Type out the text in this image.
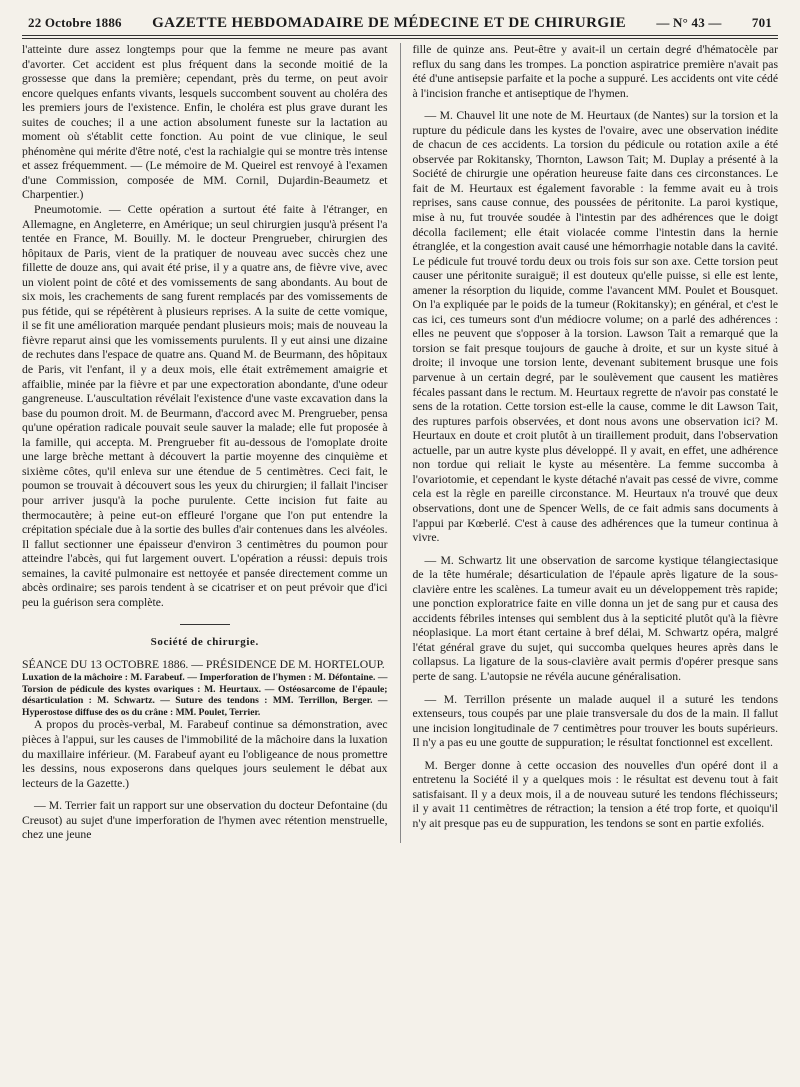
22 Octobre 1886 GAZETTE HEBDOMADAIRE DE MÉDECINE ET DE CHIRURGIE — N° 43 — 701

l'atteinte dure assez longtemps pour que la femme ne meure pas avant d'avorter. Cet accident est plus fréquent dans la seconde moitié de la grossesse que dans la première; cependant, près du terme, on peut avoir encore quelques enfants vivants, lesquels succombent souvent au choléra des les premiers jours de l'existence. Enfin, le choléra est plus grave durant les suites de couches; il a une action absolument funeste sur la lactation au moment où s'établit cette fonction. Au point de vue clinique, le seul phénomène qui mérite d'être noté, c'est la rachialgie qui se montre très intense et assez fréquemment. — (Le mémoire de M. Queirel est renvoyé à l'examen d'une Commission, composée de MM. Cornil, Dujardin-Beaumetz et Charpentier.)

Pneumotomie. — Cette opération a surtout été faite à l'étranger, en Allemagne, en Angleterre, en Amérique; un seul chirurgien jusqu'à présent l'a tentée en France, M. Bouilly. M. le docteur Prengrueber, chirurgien des hôpitaux de Paris, vient de la pratiquer de nouveau avec succès chez une fillette de douze ans, qui avait été prise, il y a quatre ans, de fièvre vive, avec un violent point de côté et des vomissements de sang abondants. Au bout de six mois, les crachements de sang furent remplacés par des vomissements de pus fétide, qui se répétèrent à plusieurs reprises. A la suite de cette vomique, il se fit une amélioration marquée pendant plusieurs mois; mais de nouveau la fièvre reparut ainsi que les vomissements purulents. Il y eut ainsi une dizaine de rechutes dans l'espace de quatre ans. Quand M. de Beurmann, des hôpitaux de Paris, vit l'enfant, il y a deux mois, elle était extrêmement amaigrie et affaiblie, minée par la fièvre et par une expectoration abondante, d'une odeur gangreneuse. L'auscultation révélait l'existence d'une vaste excavation dans la base du poumon droit. M. de Beurmann, d'accord avec M. Prengrueber, pensa qu'une opération radicale pouvait seule sauver la malade; elle fut proposée à la famille, qui accepta. M. Prengrueber fit au-dessous de l'omoplate droite une large brèche mettant à découvert la partie moyenne des cinquième et sixième côtes, qu'il enleva sur une étendue de 5 centimètres. Ceci fait, le poumon se trouvait à découvert sous les yeux du chirurgien; il fallait l'inciser pour arriver jusqu'à la poche purulente. Cette incision fut faite au thermocautère; à peine eut-on effleuré l'organe que l'on put entendre la crépitation spéciale due à la sortie des bulles d'air contenues dans les alvéoles. Il fallut sectionner une épaisseur d'environ 3 centimètres du poumon pour atteindre l'abcès, qui fut largement ouvert. L'opération a réussi: depuis trois semaines, la cavité pulmonaire est nettoyée et pansée directement comme un abcès ordinaire; ses parois tendent à se cicatriser et on peut prévoir que d'ici peu la guérison sera complète.

Société de chirurgie.

SÉANCE DU 13 OCTOBRE 1886. — PRÉSIDENCE DE M. HORTELOUP.

Luxation de la mâchoire : M. Farabeuf. — Imperforation de l'hymen : M. Défontaine. — Torsion de pédicule des kystes ovariques : M. Heurtaux. — Ostéosarcome de l'épaule; désarticulation : M. Schwartz. — Suture des tendons : MM. Terrillon, Berger. — Hyperostose diffuse des os du crâne : MM. Poulet, Terrier.

A propos du procès-verbal, M. Farabeuf continue sa démonstration, avec pièces à l'appui, sur les causes de l'immobilité de la mâchoire dans la luxation du maxillaire inférieur. (M. Farabeuf ayant eu l'obligeance de nous promettre les dessins, nous exposerons dans quelques jours seulement le débat aux lecteurs de la Gazette.)

— M. Terrier fait un rapport sur une observation du docteur Defontaine (du Creusot) au sujet d'une imperforation de l'hymen avec rétention menstruelle, chez une jeune

fille de quinze ans. Peut-être y avait-il un certain degré d'hématocèle par reflux du sang dans les trompes. La ponction aspiratrice première n'avait pas été d'une antisepsie parfaite et la poche a suppuré. Les accidents ont vite cédé à l'incision franche et antiseptique de l'hymen.

— M. Chauvel lit une note de M. Heurtaux (de Nantes) sur la torsion et la rupture du pédicule dans les kystes de l'ovaire, avec une observation inédite de chacun de ces accidents. La torsion du pédicule ou rotation axile a été observée par Rokitansky, Thornton, Lawson Tait; M. Duplay a présenté à la Société de chirurgie une opération heureuse faite dans ces circonstances. Le fait de M. Heurtaux est également favorable : la femme avait eu à trois reprises, sans cause connue, des poussées de péritonite. La paroi kystique, mise à nu, fut trouvée soudée à l'intestin par des adhérences que le doigt décolla facilement; elle était violacée comme l'intestin dans la hernie étranglée, et la congestion avait causé une hémorrhagie notable dans la cavité. Le pédicule fut trouvé tordu deux ou trois fois sur son axe. Cette torsion peut causer une péritonite suraiguë; il est douteux qu'elle puisse, si elle est lente, amener la résorption du liquide, comme l'avancent MM. Poulet et Bousquet. On l'a expliquée par le poids de la tumeur (Rokitansky); en général, et c'est le cas ici, ces tumeurs sont d'un médiocre volume; on a parlé des adhérences : elles ne peuvent que s'opposer à la torsion. Lawson Tait a remarqué que la torsion se fait presque toujours de gauche à droite, et sur un kyste situé à droite; il invoque une torsion lente, devenant subitement brusque une fois parvenue à un certain degré, par le soulèvement que causent les matières fécales passant dans le rectum. M. Heurtaux regrette de n'avoir pas constaté le sens de la rotation. Cette torsion est-elle la cause, comme le dit Lawson Tait, des ruptures parfois observées, et dont nous avons une observation ici? M. Heurtaux en doute et croit plutôt à un tiraillement produit, dans l'observation actuelle, par un autre kyste plus développé. Il y avait, en effet, une adhérence non tordue qui reliait le kyste au mésentère. La femme succomba à l'ovariotomie, et cependant le kyste détaché n'avait pas cessé de vivre, comme cela est la règle en pareille circonstance. M. Heurtaux n'a trouvé que deux observations, dont une de Spencer Wells, de ce fait admis sans documents à l'appui par Kœberlé. C'est à cause des adhérences que la tumeur continua à vivre.

— M. Schwartz lit une observation de sarcome kystique télangiectasique de la tête humérale; désarticulation de l'épaule après ligature de la sous-clavière entre les scalènes. La tumeur avait eu un développement très rapide; une ponction exploratrice faite en ville donna un jet de sang pur et causa des accidents fébriles intenses qui semblent dus à la septicité plutôt qu'à la fièvre néoplasique. La mort étant certaine à bref délai, M. Schwartz opéra, malgré l'état général grave du sujet, qui succomba quelques heures après dans le collapsus. La ligature de la sous-clavière avait permis d'opérer presque sans perte de sang. L'autopsie ne révéla aucune généralisation.

— M. Terrillon présente un malade auquel il a suturé les tendons extenseurs, tous coupés par une plaie transversale du dos de la main. Il fallut une incision longitudinale de 7 centimètres pour trouver les bouts supérieurs. Il n'y a pas eu une goutte de suppuration; le résultat fonctionnel est excellent.

M. Berger donne à cette occasion des nouvelles d'un opéré dont il a entretenu la Société il y a quelques mois : le résultat est devenu tout à fait satisfaisant. Il y a deux mois, il a de nouveau suturé les tendons fléchisseurs; il y avait 11 centimètres de rétraction; la tension a été trop forte, et quoiqu'il n'y ait presque pas eu de suppuration, les tendons se sont en partie exfoliés.
